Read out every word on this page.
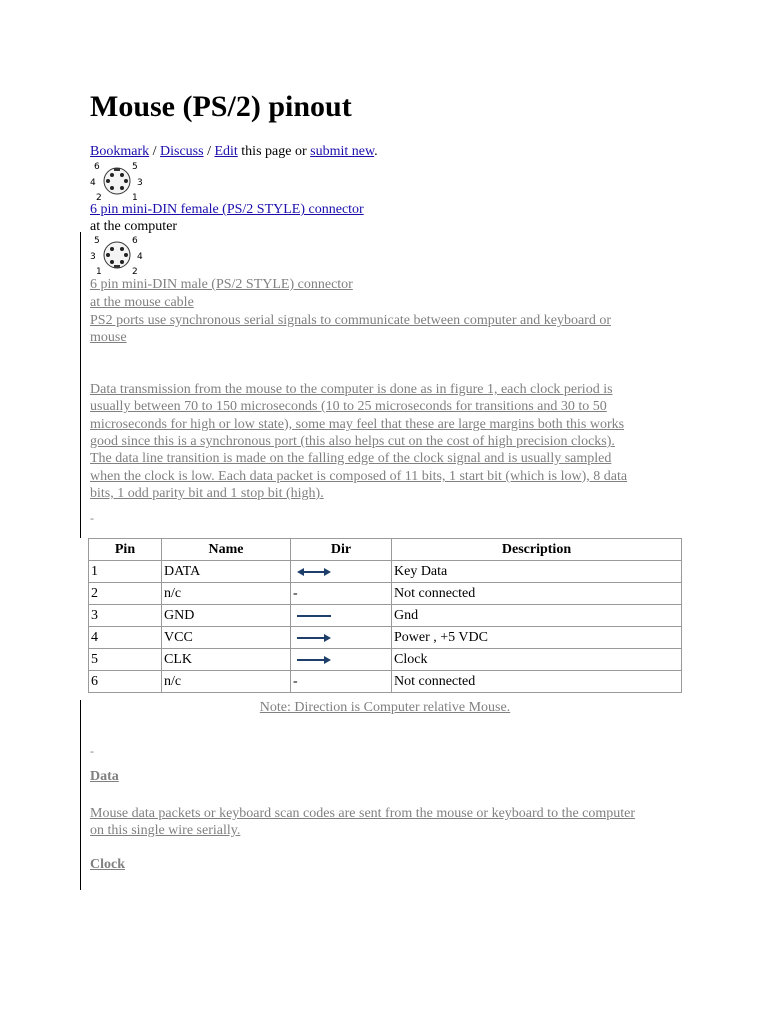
Mouse (PS/2) pinout
Bookmark / Discuss / Edit this page or submit new.
6	5
4	3
2	1
6 pin mini-DIN female (PS/2 STYLE) connector
at the computer
5	6
3	4
1	2
6 pin mini-DIN male (PS/2 STYLE) connector
at the mouse cable
PS2 ports use synchronous serial signals to communicate between computer and keyboard or
mouse
Data transmission from the mouse to the computer is done as in figure 1, each clock period is
usually between 70 to 150 microseconds (10 to 25 microseconds for transitions and 30 to 50
microseconds for high or low state), some may feel that these are large margins both this works
good since this is a synchronous port (this also helps cut on the cost of high precision clocks).
The data line transition is made on the falling edge of the clock signal and is usually sampled
when the clock is low. Each data packet is composed of 11 bits, 1 start bit (which is low), 8 data
bits, 1 odd parity bit and 1 stop bit (high).
-
Pin	Name	Dir	Description
1	DATA		Key Data
2	n/c	-	Not connected
3	GND		Gnd
4	VCC		Power , +5 VDC
5	CLK		Clock
6	n/c	-	Not connected
Note: Direction is Computer relative Mouse.
-
Data
Mouse data packets or keyboard scan codes are sent from the mouse or keyboard to the computer
on this single wire serially.
Clock
